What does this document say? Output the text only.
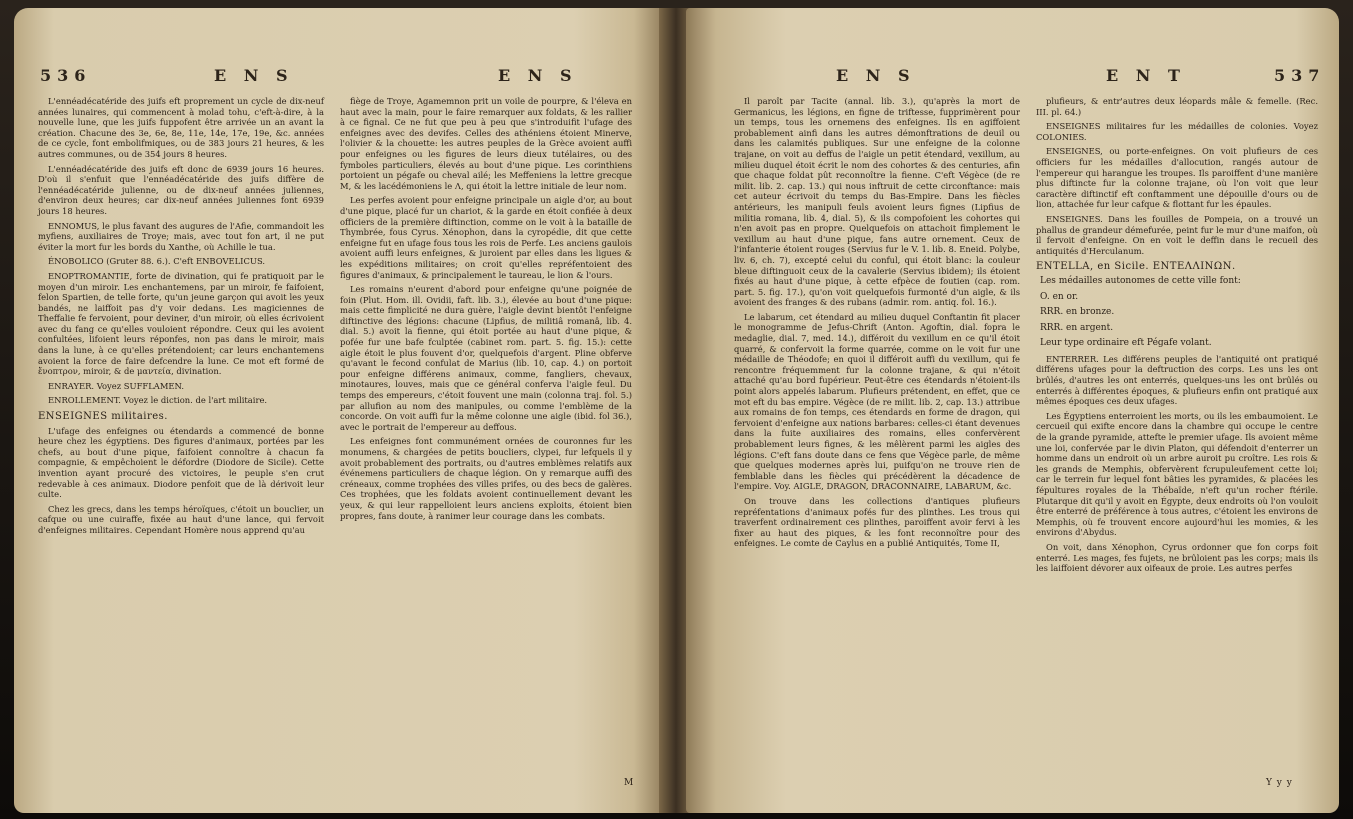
536	E N S	E N S

L'ennéadécatéride des juifs eft proprement un cycle de dix-neuf années lunaires, qui commencent à molad tohu, c'eft-à-dire, à la nouvelle lune, que les juifs fuppofent être arrivée un an avant la création. Chacune des 3e, 6e, 8e, 11e, 14e, 17e, 19e, &c. années de ce cycle, font embolifmiques, ou de 383 jours 21 heures, & les autres communes, ou de 354 jours 8 heures.

L'ennéadécatéride des juifs eft donc de 6939 jours 16 heures. D'où il s'enfuit que l'ennéadécatéride des juifs diffère de l'ennéadécatéride julienne, ou de dix-neuf années juliennes, d'environ deux heures; car dix-neuf années juliennes font 6939 jours 18 heures.

ENNOMUS, le plus favant des augures de l'Afie, commandoit les myfiens, auxiliaires de Troye; mais, avec tout fon art, il ne put éviter la mort fur les bords du Xanthe, où Achille le tua.

ÉNOBOLICO (Gruter 88. 6.). C'eft ENBOVELICUS.

ENOPTROMANTIE, forte de divination, qui fe pratiquoit par le moyen d'un miroir. Les enchantemens, par un miroir, fe faifoient, felon Spartien, de telle forte, qu'un jeune garçon qui avoit les yeux bandés, ne laiffoit pas d'y voir dedans. Les magiciennes de Theffalie fe fervoient, pour deviner, d'un miroir, où elles écrivoient avec du fang ce qu'elles vouloient répondre. Ceux qui les avoient confultées, lifoient leurs réponfes, non pas dans le miroir, mais dans la lune, à ce qu'elles prétendoient; car leurs enchantemens avoient la force de faire defcendre la lune. Ce mot eft formé de ἔνοπτρον, miroir, & de μαντεία, divination.

ENRAYER. Voyez SUFFLAMEN.

ENROLLEMENT. Voyez le diction. de l'art militaire.

ENSEIGNES militaires.

L'ufage des enfeignes ou étendards a commencé de bonne heure chez les égyptiens. Des figures d'animaux, portées par les chefs, au bout d'une pique, faifoient connoître à chacun fa compagnie, & empêchoient le défordre (Diodore de Sicile). Cette invention ayant procuré des victoires, le peuple s'en crut redevable à ces animaux. Diodore penfoit que de là dérivoit leur culte.

Chez les grecs, dans les temps héroïques, c'étoit un bouclier, un cafque ou une cuiraffe, fixée au haut d'une lance, qui fervoit d'enfeignes militaires. Cependant Homère nous apprend qu'au

fiège de Troye, Agamemnon prit un voile de pourpre, & l'éleva en haut avec la main, pour le faire remarquer aux foldats, & les rallier à ce fignal. Ce ne fut que peu à peu que s'introduifit l'ufage des enfeignes avec des devifes. Celles des athéniens étoient Minerve, l'olivier & la chouette: les autres peuples de la Grèce avoient auffi pour enfeignes ou les figures de leurs dieux tutélaires, ou des fymboles particuliers, élevés au bout d'une pique. Les corinthiens portoient un pégafe ou cheval ailé; les Meffeniens la lettre grecque M, & les lacédémoniens le Λ, qui étoit la lettre initiale de leur nom.

Les perfes avoient pour enfeigne principale un aigle d'or, au bout d'une pique, placé fur un chariot, & la garde en étoit confiée à deux officiers de la première diftinction, comme on le voit à la bataille de Thymbrée, fous Cyrus. Xénophon, dans la cyropédie, dit que cette enfeigne fut en ufage fous tous les rois de Perfe. Les anciens gaulois avoient auffi leurs enfeignes, & juroient par elles dans les ligues & les expéditions militaires; on croit qu'elles repréfentoient des figures d'animaux, & principalement le taureau, le lion & l'ours.

Les romains n'eurent d'abord pour enfeigne qu'une poignée de foin (Plut. Hom. ill. Ovidii, faft. lib. 3.), élevée au bout d'une pique: mais cette fimplicité ne dura guère, l'aigle devint bientôt l'enfeigne diftinctive des légions: chacune (Lipfius, de militiâ romanâ, lib. 4. dial. 5.) avoit la fienne, qui étoit portée au haut d'une pique, & pofée fur une bafe fculptée (cabinet rom. part. 5. fig. 15.): cette aigle étoit le plus fouvent d'or, quelquefois d'argent. Pline obferve qu'avant le fecond confulat de Marius (lib. 10, cap. 4.) on portoit pour enfeigne différens animaux, comme, fangliers, chevaux, minotaures, louves, mais que ce général conferva l'aigle feul. Du temps des empereurs, c'étoit fouvent une main (colonna traj. fol. 5.) par allufion au nom des manipules, ou comme l'emblème de la concorde. On voit auffi fur la même colonne une aigle (ibid. fol 36.), avec le portrait de l'empereur au deffous.

Les enfeignes font communément ornées de couronnes fur les monumens, & chargées de petits boucliers, clypei, fur lefquels il y avoit probablement des portraits, ou d'autres emblèmes relatifs aux événemens particuliers de chaque légion. On y remarque auffi des créneaux, comme trophées des villes prifes, ou des becs de galères. Ces trophées, que les foldats avoient continuellement devant les yeux, & qui leur rappelloient leurs anciens exploits, étoient bien propres, fans doute, à ranimer leur courage dans les combats.

M
E N S	E N T	537

Il paroît par Tacite (annal. lib. 3.), qu'après la mort de Germanicus, les légions, en figne de triftesse, fupprimèrent pour un temps, tous les ornemens des enfeignes. Ils en agiffoient probablement ainfi dans les autres démonftrations de deuil ou dans les calamités publiques. Sur une enfeigne de la colonne trajane, on voit au deffus de l'aigle un petit étendard, vexillum, au milieu duquel étoit écrit le nom des cohortes & des centuries, afin que chaque foldat pût reconnoître la fienne. C'eft Végèce (de re milit. lib. 2. cap. 13.) qui nous inftruit de cette circonftance: mais cet auteur écrivoit du temps du Bas-Empire. Dans les fiècles antérieurs, les manipuli feuls avoient leurs fignes (Lipfius de militia romana, lib. 4, dial. 5), & ils compofoient les cohortes qui n'en avoit pas en propre. Quelquefois on attachoit fimplement le vexillum au haut d'une pique, fans autre ornement. Ceux de l'infanterie étoient rouges (Servius fur le V. 1. lib. 8. Eneid. Polybe, liv. 6, ch. 7), excepté celui du conful, qui étoit blanc: la couleur bleue diftinguoit ceux de la cavalerie (Servius ibidem); ils étoient fixés au haut d'une pique, à cette efpèce de foutien (cap. rom. part. 5. fig. 17.), qu'on voit quelquefois furmonté d'un aigle, & ils avoient des franges & des rubans (admir. rom. antiq. fol. 16.).

Le labarum, cet étendard au milieu duquel Conftantin fit placer le monogramme de Jefus-Chrift (Anton. Agoftin, dial. fopra le medaglie, dial. 7, med. 14.), différoit du vexillum en ce qu'il étoit quarré, & confervoit la forme quarrée, comme on le voit fur une médaille de Théodofe; en quoi il différoit auffi du vexillum, qui fe rencontre fréquemment fur la colonne trajane, & qui n'étoit attaché qu'au bord fupérieur. Peut-être ces étendards n'étoient-ils point alors appelés labarum. Plufieurs prétendent, en effet, que ce mot eft du bas empire. Végèce (de re milit. lib. 2, cap. 13.) attribue aux romains de fon temps, ces étendards en forme de dragon, qui fervoient d'enfeigne aux nations barbares: celles-ci étant devenues dans la fuite auxiliaires des romains, elles confervèrent probablement leurs fignes, & les mêlèrent parmi les aigles des légions. C'eft fans doute dans ce fens que Végèce parle, de même que quelques modernes après lui, puifqu'on ne trouve rien de femblable dans les fiècles qui précédèrent la décadence de l'empire. Voy. AIGLE, DRAGON, DRACONNAIRE, LABARUM, &c.

On trouve dans les collections d'antiques plufieurs repréfentations d'animaux pofés fur des plinthes. Les trous qui traverfent ordinairement ces plinthes, paroiffent avoir fervi à les fixer au haut des piques, & les font reconnoître pour des enfeignes. Le comte de Caylus en a publié Antiquités, Tome II,

plufieurs, & entr'autres deux léopards mâle & femelle. (Rec. III. pl. 64.)

ENSEIGNES militaires fur les médailles de colonies. Voyez COLONIES.

ENSEIGNES, ou porte-enfeignes. On voit plufieurs de ces officiers fur les médailles d'allocution, rangés autour de l'empereur qui harangue les troupes. Ils paroiffent d'une manière plus diftincte fur la colonne trajane, où l'on voit que leur caractère diftinctif eft conftamment une dépouille d'ours ou de lion, attachée fur leur cafque & flottant fur les épaules.

ENSEIGNES. Dans les fouilles de Pompeia, on a trouvé un phallus de grandeur démefurée, peint fur le mur d'une maifon, où il fervoit d'enfeigne. On en voit le deffin dans le recueil des antiquités d'Herculanum.

ENTELLA, en Sicile. ΕΝΤΕΛΛΙΝΩΝ.

Les médailles autonomes de cette ville font:

O. en or.

RRR. en bronze.

RRR. en argent.

Leur type ordinaire eft Pégafe volant.

ENTERRER. Les différens peuples de l'antiquité ont pratiqué différens ufages pour la deftruction des corps. Les uns les ont brûlés, d'autres les ont enterrés, quelques-uns les ont brûlés ou enterrés à différentes époques, & plufieurs enfin ont pratiqué aux mêmes époques ces deux ufages.

Les Égyptiens enterroient les morts, ou ils les embaumoient. Le cercueil qui exifte encore dans la chambre qui occupe le centre de la grande pyramide, attefte le premier ufage. Ils avoient même une loi, confervée par le divin Platon, qui défendoit d'enterrer un homme dans un endroit où un arbre auroit pu croître. Les rois & les grands de Memphis, obfervèrent fcrupuleufement cette loi; car le terrein fur lequel font bâties les pyramides, & placées les fépultures royales de la Thébaïde, n'eft qu'un rocher ftérile. Plutarque dit qu'il y avoit en Égypte, deux endroits où l'on vouloit être enterré de préférence à tous autres, c'étoient les environs de Memphis, où fe trouvent encore aujourd'hui les momies, & les environs d'Abydus.

On voit, dans Xénophon, Cyrus ordonner que fon corps foit enterré. Les mages, fes fujets, ne brûloient pas les corps; mais ils les laiffoient dévorer aux oifeaux de proie. Les autres perfes

Y y y
